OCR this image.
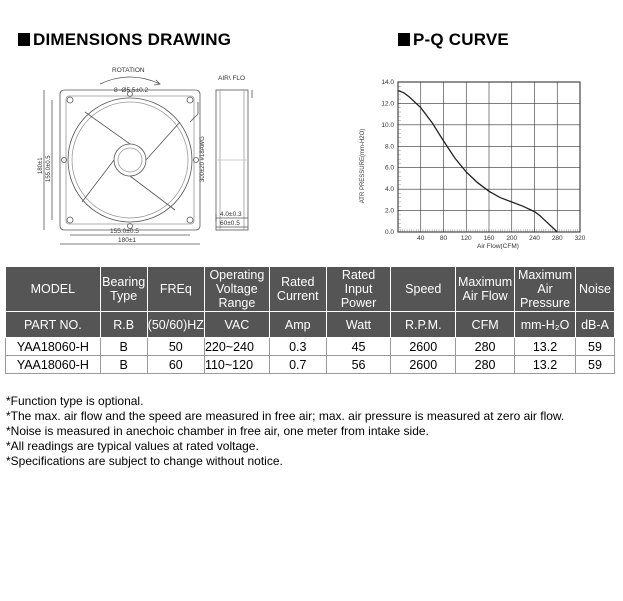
DIMENSIONS DRAWING	P-Q CURVE
ROTATION
8~Ø5.5±0.2
AIR\ FLO
180±1 155.0±0.5	300±20 #18AWG
155.0±0.5
180±1
4.0±0.3
60±0.5
40 80 120 160 200 240 280 320
0.0
2.0
4.0
6.0
8.0
10.0
12.0
14.0
Air Flow(CFM)
ATR PRESSURE(mm-H2O)
MODEL	Bearing Type	FREq	Operating Voltage Range	Rated Current	Rated Input Power	Speed	Maximum Air Flow	Maximum Air Pressure	Noise
PART NO.	R.B	(50/60)HZ	VAC	Amp	Watt	R.P.M.	CFM	mm-H₂O	dB-A
YAA18060-H	B	50	220~240	0.3	45	2600	280	13.2	59
YAA18060-H	B	60	110~120	0.7	56	2600	280	13.2	59
*Function type is optional.
*The max. air flow and the speed are measured in free air; max. air pressure is measured at zero air flow.
*Noise is measured in anechoic chamber in free air, one meter from intake side.
*All readings are typical values at rated voltage.
*Specifications are subject to change without notice.
